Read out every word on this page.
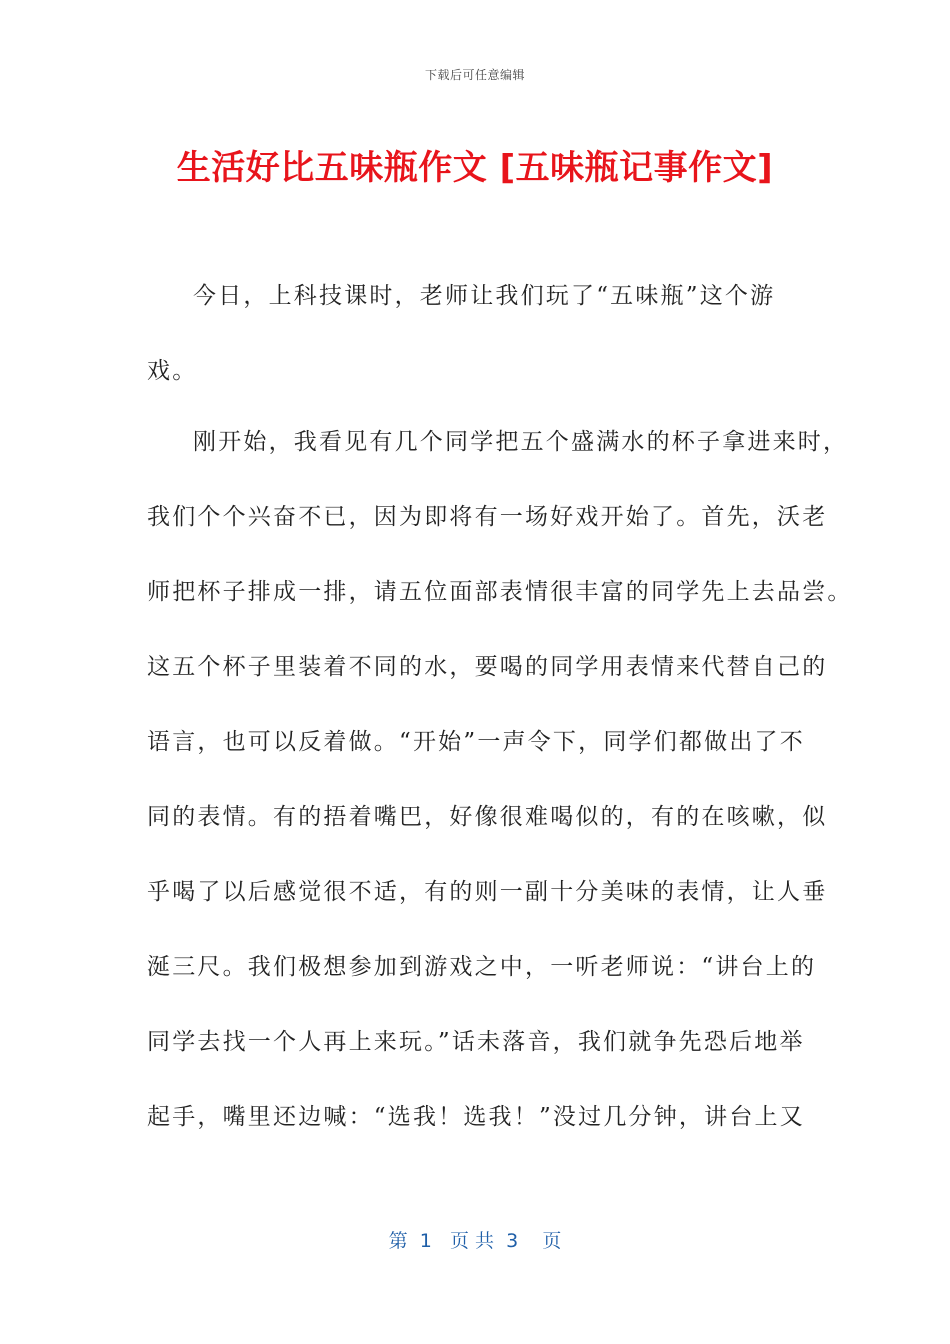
下载后可任意编辑
生活好比五味瓶作文 [五味瓶记事作文]

今日，上科技课时，老师让我们玩了“五味瓶”这个游戏。

刚开始，我看见有几个同学把五个盛满水的杯子拿进来时，
我们个个兴奋不已，因为即将有一场好戏开始了。首先，沃老
师把杯子排成一排，请五位面部表情很丰富的同学先上去品尝。
这五个杯子里装着不同的水，要喝的同学用表情来代替自己的
语言，也可以反着做。“开始”一声令下，同学们都做出了不
同的表情。有的捂着嘴巴，好像很难喝似的，有的在咳嗽，似
乎喝了以后感觉很不适，有的则一副十分美味的表情，让人垂
涎三尺。我们极想参加到游戏之中，一听老师说：“讲台上的
同学去找一个人再上来玩。”话未落音，我们就争先恐后地举
起手，嘴里还边喊：“选我！选我！”没过几分钟，讲台上又

第  1   页 共  3    页
